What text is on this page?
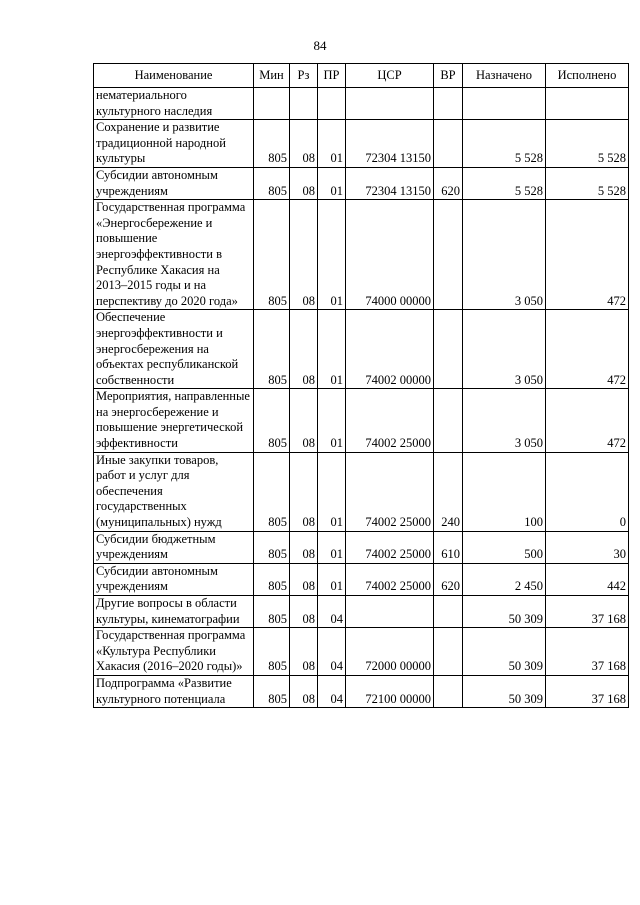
84
Наименование	Мин	Рз	ПР	ЦСР	ВР	Назначено	Исполнено
нематериального культурного наследия							
Сохранение и развитие традиционной народной культуры	805	08	01	72304 13150		5 528	5 528
Субсидии автономным учреждениям	805	08	01	72304 13150	620	5 528	5 528
Государственная программа «Энергосбережение и повышение энергоэффективности в Республике Хакасия на 2013–2015 годы и на перспективу до 2020 года»	805	08	01	74000 00000		3 050	472
Обеспечение энергоэффективности и энергосбережения на объектах республиканской собственности	805	08	01	74002 00000		3 050	472
Мероприятия, направленные на энергосбережение и повышение энергетической эффективности	805	08	01	74002 25000		3 050	472
Иные закупки товаров, работ и услуг для обеспечения государственных (муниципальных) нужд	805	08	01	74002 25000	240	100	0
Субсидии бюджетным учреждениям	805	08	01	74002 25000	610	500	30
Субсидии автономным учреждениям	805	08	01	74002 25000	620	2 450	442
Другие вопросы в области культуры, кинематографии	805	08	04			50 309	37 168
Государственная программа «Культура Республики Хакасия (2016–2020 годы)»	805	08	04	72000 00000		50 309	37 168
Подпрограмма «Развитие культурного потенциала	805	08	04	72100 00000		50 309	37 168
